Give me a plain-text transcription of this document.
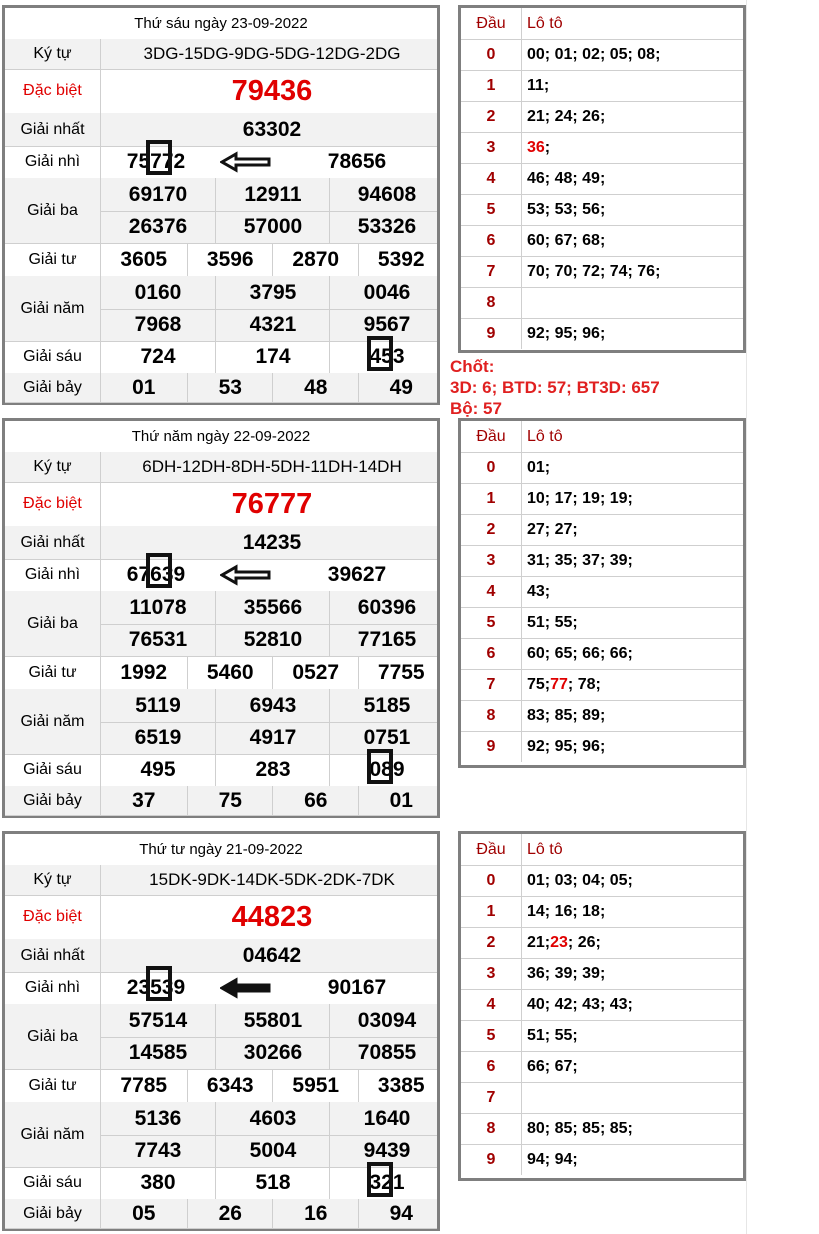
Thứ sáu ngày 23-09-2022
Ký tự	3DG-15DG-9DG-5DG-12DG-2DG
Đặc biệt	79436
Giải nhất	63302
Giải nhì	75772	78656
Giải ba
69170	12911	94608
26376	57000	53326
Giải tư	3605	3596	2870	5392
Giải năm
0160	3795	0046
7968	4321	9567
Giải sáu	724	174	453
Giải bảy	01	53	48	49
Đầu	Lô tô
0	00; 01; 02; 05; 08;
1	11;
2	21; 24; 26;
3	36 ;
4	46; 48; 49;
5	53; 53; 56;
6	60; 67; 68;
7	70; 70; 72; 74; 76;
8
9	92; 95; 96;
Thứ năm ngày 22-09-2022
Ký tự	6DH-12DH-8DH-5DH-11DH-14DH
Đặc biệt	76777
Giải nhất	14235
Giải nhì	67639	39627
Giải ba
11078	35566	60396
76531	52810	77165
Giải tư	1992	5460	0527	7755
Giải năm
5119	6943	5185
6519	4917	0751
Giải sáu	495	283	089
Giải bảy	37	75	66	01
Đầu	Lô tô
0	01;
1	10; 17; 19; 19;
2	27; 27;
3	31; 35; 37; 39;
4	43;
5	51; 55;
6	60; 65; 66; 66;
7	75; 77 ; 78;
8	83; 85; 89;
9	92; 95; 96;
Thứ tư ngày 21-09-2022
Ký tự	15DK-9DK-14DK-5DK-2DK-7DK
Đặc biệt	44823
Giải nhất	04642
Giải nhì	23539	90167
Giải ba
57514	55801	03094
14585	30266	70855
Giải tư	7785	6343	5951	3385
Giải năm
5136	4603	1640
7743	5004	9439
Giải sáu	380	518	321
Giải bảy	05	26	16	94
Đầu	Lô tô
0	01; 03; 04; 05;
1	14; 16; 18;
2	21; 23 ; 26;
3	36; 39; 39;
4	40; 42; 43; 43;
5	51; 55;
6	66; 67;
7
8	80; 85; 85; 85;
9	94; 94;
Chốt:
3D: 6; BTD: 57; BT3D: 657
Bộ: 57
